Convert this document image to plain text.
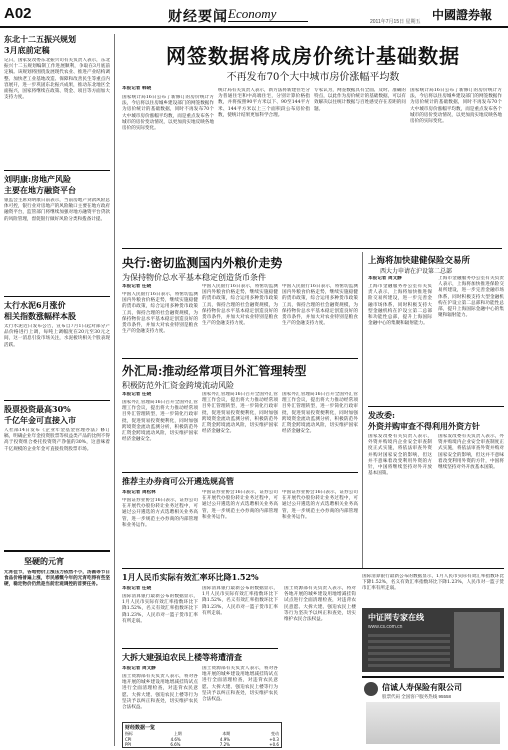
A02	财经要闻 Economy
2011年7月15日 星期五 中國證券報
东北十二五振兴规划
3月底前定稿
记日，国家发改委东北振兴司有关负责人表示，东北振兴十二五规划编制工作进展顺利，争取在3月底前定稿。该规划将围绕发展现代农业、推进产业结构调整、加快老工业基地改造、保障和改善民生等重点内容展开，进一步巩固东北振兴成果，推动东北地区全面振兴，国家将继续在政策、资金、项目等方面加大支持力度。
刘明康:房地产风险
主要在地方融资平台
银监会主席刘明康日前表示，当前房地产贷款风险总体可控，银行业对房地产的风险敞口主要在地方政府融资平台，监管部门将继续加强对地方融资平台贷款的风险管理，督促银行做好风险分类和拨备计提。
太行水泥6月涨价
相关指数涨幅样本股
太行水泥近日发布公告，宣布自7月1日起对部分产品价格进行上调，每吨上调幅度在20元至30元之间，这一消息引发市场关注，水泥板块相关个股表现活跃。
股票投资最高30%
千亿年金可直接入市
人社部14日发布《企业年金基金管理办法》修订稿，明确企业年金投资股票等权益类产品的比例不得高于投资组合委托投资资产净值的30%，这意味着千亿规模的企业年金可直接投资股票市场。
坚硬的元宵
元宵佳节，各地物价上涨压力依然不小，汤圆等节日食品价格普遍上涨，市民感慨今年的元宵吃得有些坚硬，稳定物价仍然是当前宏观调控的首要任务。
网签数据将成房价统计基础数据
不再发布70个大中城市房价涨幅平均数
本报记者 韩晓
国家统计局16日公布了新修订的房价统计方法，今后将以住房城乡建设部门的网签数据作为房价统计的基础数据，同时不再发布70个大中城市房价涨幅平均数，而是重点发布各个城市的房价变动情况，以更加真实地反映各地房价的实际变化。
统计局有关负责人表示，新方法将新建住宅分为普通住宅和中高端住宅，分别计算价格指数，并将按照90平方米以下、90至144平方米、144平方米以上三个面积段公布房价指数，使统计结果更加科学合理。
专家认为，网签数据具有全面、及时、准确的特点，以此作为房价统计的基础数据，可以有效解决以往统计数据与百姓感受存在差距的问题。
国家统计局16日公布了新修订的房价统计方法，今后将以住房城乡建设部门的网签数据作为房价统计的基础数据，同时不再发布70个大中城市房价涨幅平均数，而是重点发布各个城市的房价变动情况，以更加真实地反映各地房价的实际变化。
央行:密切监测国内外粮价走势
为保持物价总水平基本稳定创造货币条件
本报记者 任晓
中国人民银行16日表示，将密切监测国内外粮食价格走势，继续实施稳健的货币政策，综合运用多种货币政策工具，保持合理的社会融资规模，为保持物价总水平基本稳定创造良好的货币条件，并加大对农业特别是粮食生产的金融支持力度。
中国人民银行16日表示，将密切监测国内外粮食价格走势，继续实施稳健的货币政策，综合运用多种货币政策工具，保持合理的社会融资规模，为保持物价总水平基本稳定创造良好的货币条件，并加大对农业特别是粮食生产的金融支持力度。
中国人民银行16日表示，将密切监测国内外粮食价格走势，继续实施稳健的货币政策，综合运用多种货币政策工具，保持合理的社会融资规模，为保持物价总水平基本稳定创造良好的货币条件，并加大对农业特别是粮食生产的金融支持力度。
上海将加快建健保险交易所
西大力申请在沪设第二总部
本报记者 周文静
上海市金融服务办公室有关负责人表示，上海将加快推进保险交易所建设，进一步完善金融市场体系，同时积极支持大型金融机构在沪设立第二总部和功能性总部，提升上海国际金融中心的集聚和辐射能力。
上海市金融服务办公室有关负责人表示，上海将加快推进保险交易所建设，进一步完善金融市场体系，同时积极支持大型金融机构在沪设立第二总部和功能性总部，提升上海国际金融中心的集聚和辐射能力。
发改委:
外资并购审查不得利用外资方针
国家发改委有关负责人表示，外资并购境内企业安全审查制度正式实施，将依法审查外资并购对国家安全的影响，但这并不意味着改变利用外资的方针，中国将继续坚持对外开放基本国策。
国家发改委有关负责人表示，外资并购境内企业安全审查制度正式实施，将依法审查外资并购对国家安全的影响，但这并不意味着改变利用外资的方针，中国将继续坚持对外开放基本国策。
外汇局:推动经常项目外汇管理转型
积极防范外汇资金跨境流动风险
本报记者 任晓
国家外汇管理局16日召开全国外汇管理工作会议，提出将大力推动经常项目外汇管理转型，进一步简化行政审批，促进贸易投资便利化，同时加强跨境资金流动监测分析，积极防范外汇资金跨境流动风险，切实维护国家经济金融安全。
国家外汇管理局16日召开全国外汇管理工作会议，提出将大力推动经常项目外汇管理转型，进一步简化行政审批，促进贸易投资便利化，同时加强跨境资金流动监测分析，积极防范外汇资金跨境流动风险，切实维护国家经济金融安全。
国家外汇管理局16日召开全国外汇管理工作会议，提出将大力推动经常项目外汇管理转型，进一步简化行政审批，促进贸易投资便利化，同时加强跨境资金流动监测分析，积极防范外汇资金跨境流动风险，切实维护国家经济金融安全。
推荐主办券商可公开遴选规高管
本报记者 周松林
中国证券业协会16日表示，证券公司在开展代办股份转让业务过程中，可通过公开遴选的方式选聘相关业务高管，进一步规范主办券商的内部管理和业务运作。
中国证券业协会16日表示，证券公司在开展代办股份转让业务过程中，可通过公开遴选的方式选聘相关业务高管，进一步规范主办券商的内部管理和业务运作。
中国证券业协会16日表示，证券公司在开展代办股份转让业务过程中，可通过公开遴选的方式选聘相关业务高管，进一步规范主办券商的内部管理和业务运作。
1月人民币实际有效汇率环比降1.52%
本报记者 任晓
国际清算银行最新公布的数据显示，1月人民币实际有效汇率指数环比下降1.52%，名义有效汇率指数环比下降1.23%，人民币对一篮子货币汇率有所走弱。
国际清算银行最新公布的数据显示，1月人民币实际有效汇率指数环比下降1.52%，名义有效汇率指数环比下降1.23%，人民币对一篮子货币汇率有所走弱。
大拆大建强迫农民上楼等将遭清查
本报记者 周文静
国土资源部有关负责人表示，将对各地开展的城乡建设用地增减挂钩试点进行全面清理检查，对违背农民意愿、大拆大建、强迫农民上楼等行为坚决予以纠正和查处，切实维护农民合法权益。
国土资源部有关负责人表示，将对各地开展的城乡建设用地增减挂钩试点进行全面清理检查，对违背农民意愿、大拆大建、强迫农民上楼等行为坚决予以纠正和查处，切实维护农民合法权益。
国土资源部有关负责人表示，将对各地开展的城乡建设用地增减挂钩试点进行全面清理检查，对违背农民意愿、大拆大建、强迫农民上楼等行为坚决予以纠正和查处，切实维护农民合法权益。
国际清算银行最新公布的数据显示，1月人民币实际有效汇率指数环比下降1.52%，名义有效汇率指数环比下降1.23%，人民币对一篮子货币汇率有所走弱。
财经数据一览
指标	上期	本期	变动
CPI	4.6%	4.9%	+0.3
PPI	6.6%	7.2%	+0.6
中证网专家在线
www.cs.com.cn
信诚人寿保险有限公司
股票代码 全国客户服务热线 95558
